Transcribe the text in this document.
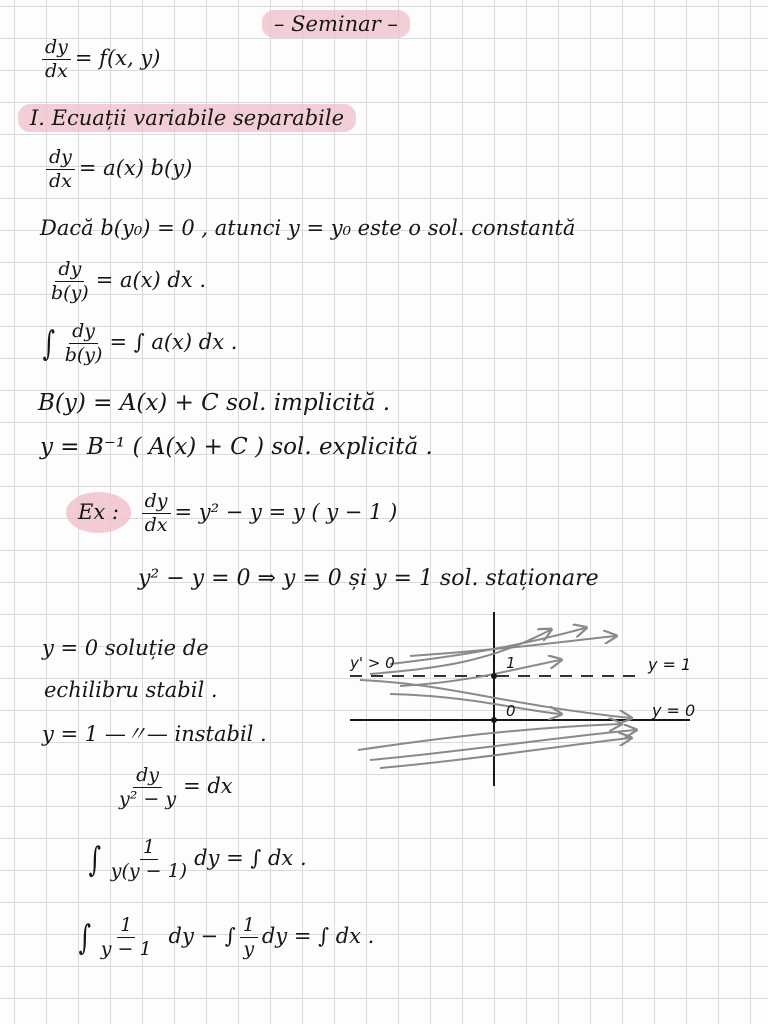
– Seminar –
$\frac{dy}{dx} = f(x$, y)
I. Ecuații variabile separabile
$\frac{dy}{dx} = a(x)$ b(y)
Dacă b(y₀) = 0 , atunci y = y₀ este o sol. constantă
$\frac{dy}{b(y)} = a(x)$ dx .
∫ $\frac{dy}{b(y)}$ = ∫ a(x) dx .
B(y) = A(x) + C sol. implicită .
y = B⁻¹ ( A(x) + C ) sol. explicită .
Ex : $\frac{dy}{dx} = y^2 - y = y$ ( y − 1 )
y² − y = 0 ⇒ y = 0 și y = 1 sol. staționare
y = 0 soluție de
echilibru stabil .
y = 1 —〃— instabil .
$\frac{dy}{\text{y² − y}}$ = dx
∫ $\frac{1}{y(y - 1)}$ dy = ∫ dx .
∫ $\frac{1}{y - 1}$ dy − ∫ $\frac{1}{y}$ dy = ∫ dx .
y' > 0	1
0
y = 1
y = 0
